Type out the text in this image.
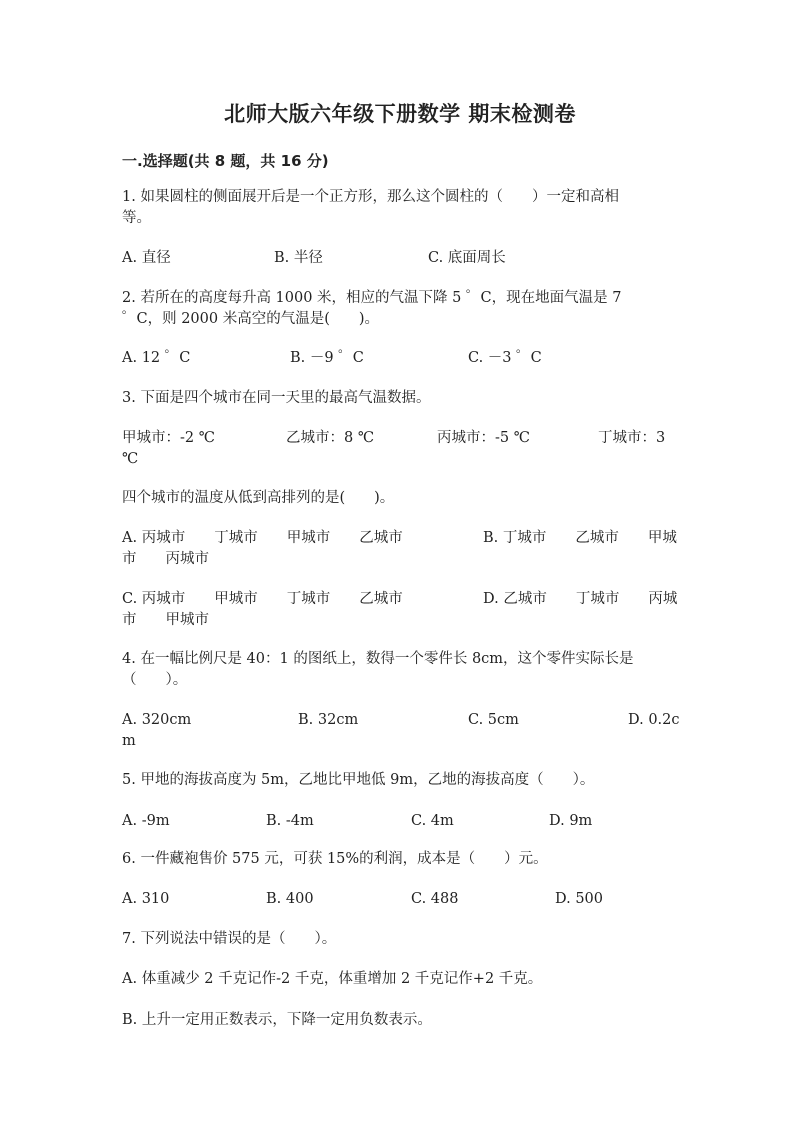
北师大版六年级下册数学 期末检测卷
一.选择题(共 8 题，共 16 分)
1. 如果圆柱的侧面展开后是一个正方形，那么这个圆柱的（　　）一定和高相
等。
A. 直径	B. 半径	C. 底面周长
2. 若所在的高度每升高 1000 米，相应的气温下降 5 ゜C，现在地面气温是 7
゜C，则 2000 米高空的气温是(　　)。
A. 12 ゜C	B. －9 ゜C	C. －3 ゜C
3. 下面是四个城市在同一天里的最高气温数据。
甲城市：-2 ℃	乙城市：8 ℃	丙城市：-5 ℃	丁城市：3
℃
四个城市的温度从低到高排列的是(　　)。
A. 丙城市　　丁城市　　甲城市　　乙城市	B. 丁城市　　乙城市　　甲城
市　　丙城市
C. 丙城市　　甲城市　　丁城市　　乙城市	D. 乙城市　　丁城市　　丙城
市　　甲城市
4. 在一幅比例尺是 40：1 的图纸上，数得一个零件长 8cm，这个零件实际长是
（　　）。
A. 320cm	B. 32cm	C. 5cm	D. 0.2c
m
5. 甲地的海拔高度为 5m，乙地比甲地低 9m，乙地的海拔高度（　　）。
A. -9m	B. -4m	C. 4m	D. 9m
6. 一件藏袍售价 575 元，可获 15%的利润，成本是（　　）元。
A. 310	B. 400	C. 488	D. 500
7. 下列说法中错误的是（　　）。
A. 体重减少 2 千克记作-2 千克，体重增加 2 千克记作+2 千克。
B. 上升一定用正数表示，下降一定用负数表示。
